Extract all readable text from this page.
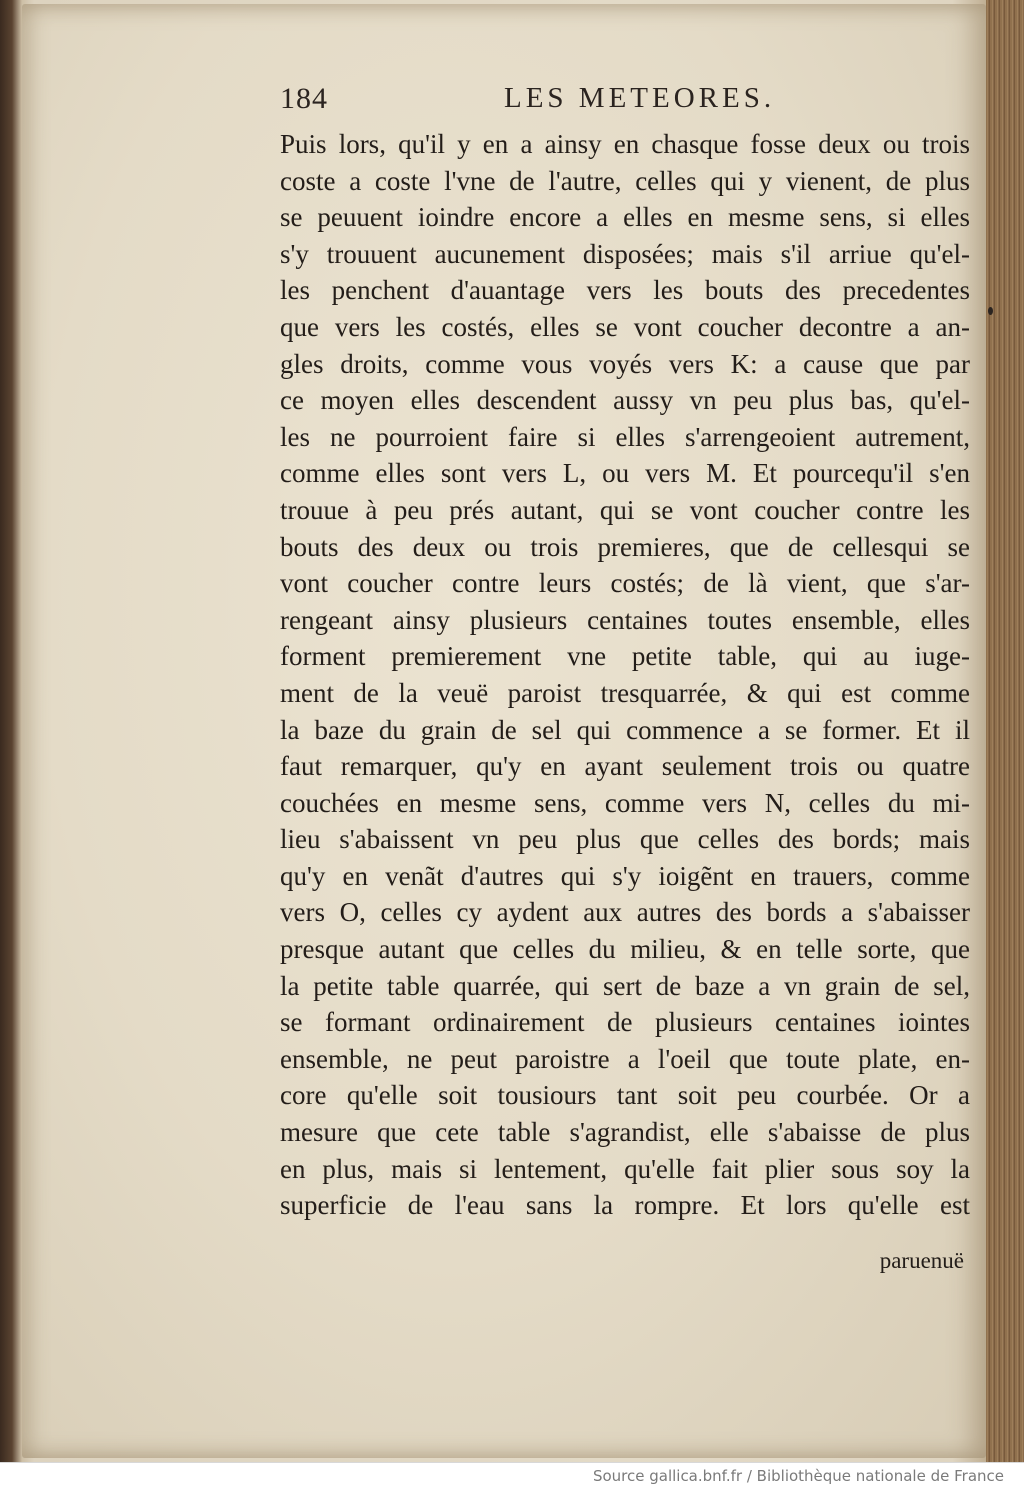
184	LES METEORES.
Puis lors, qu'il y en a ainsy en chasque fosse deux ou trois
coste a coste l'vne de l'autre, celles qui y vienent, de plus
se peuuent ioindre encore a elles en mesme sens, si elles
s'y trouuent aucunement disposées; mais s'il arriue qu'el-
les penchent d'auantage vers les bouts des precedentes
que vers les costés, elles se vont coucher decontre a an-
gles droits, comme vous voyés vers K: a cause que par
ce moyen elles descendent aussy vn peu plus bas, qu'el-
les ne pourroient faire si elles s'arrengeoient autrement,
comme elles sont vers L, ou vers M. Et pourcequ'il s'en
trouue à peu prés autant, qui se vont coucher contre les
bouts des deux ou trois premieres, que de cellesqui se
vont coucher contre leurs costés; de là vient, que s'ar-
rengeant ainsy plusieurs centaines toutes ensemble, elles
forment premierement vne petite table, qui au iuge-
ment de la veuë paroist tresquarrée, & qui est comme
la baze du grain de sel qui commence a se former. Et il
faut remarquer, qu'y en ayant seulement trois ou quatre
couchées en mesme sens, comme vers N, celles du mi-
lieu s'abaissent vn peu plus que celles des bords; mais
qu'y en venãt d'autres qui s'y ioigẽnt en trauers, comme
vers O, celles cy aydent aux autres des bords a s'abaisser
presque autant que celles du milieu, & en telle sorte, que
la petite table quarrée, qui sert de baze a vn grain de sel,
se formant ordinairement de plusieurs centaines iointes
ensemble, ne peut paroistre a l'oeil que toute plate, en-
core qu'elle soit tousiours tant soit peu courbée. Or a
mesure que cete table s'agrandist, elle s'abaisse de plus
en plus, mais si lentement, qu'elle fait plier sous soy la
superficie de l'eau sans la rompre. Et lors qu'elle est
paruenuë
Source gallica.bnf.fr / Bibliothèque nationale de France
